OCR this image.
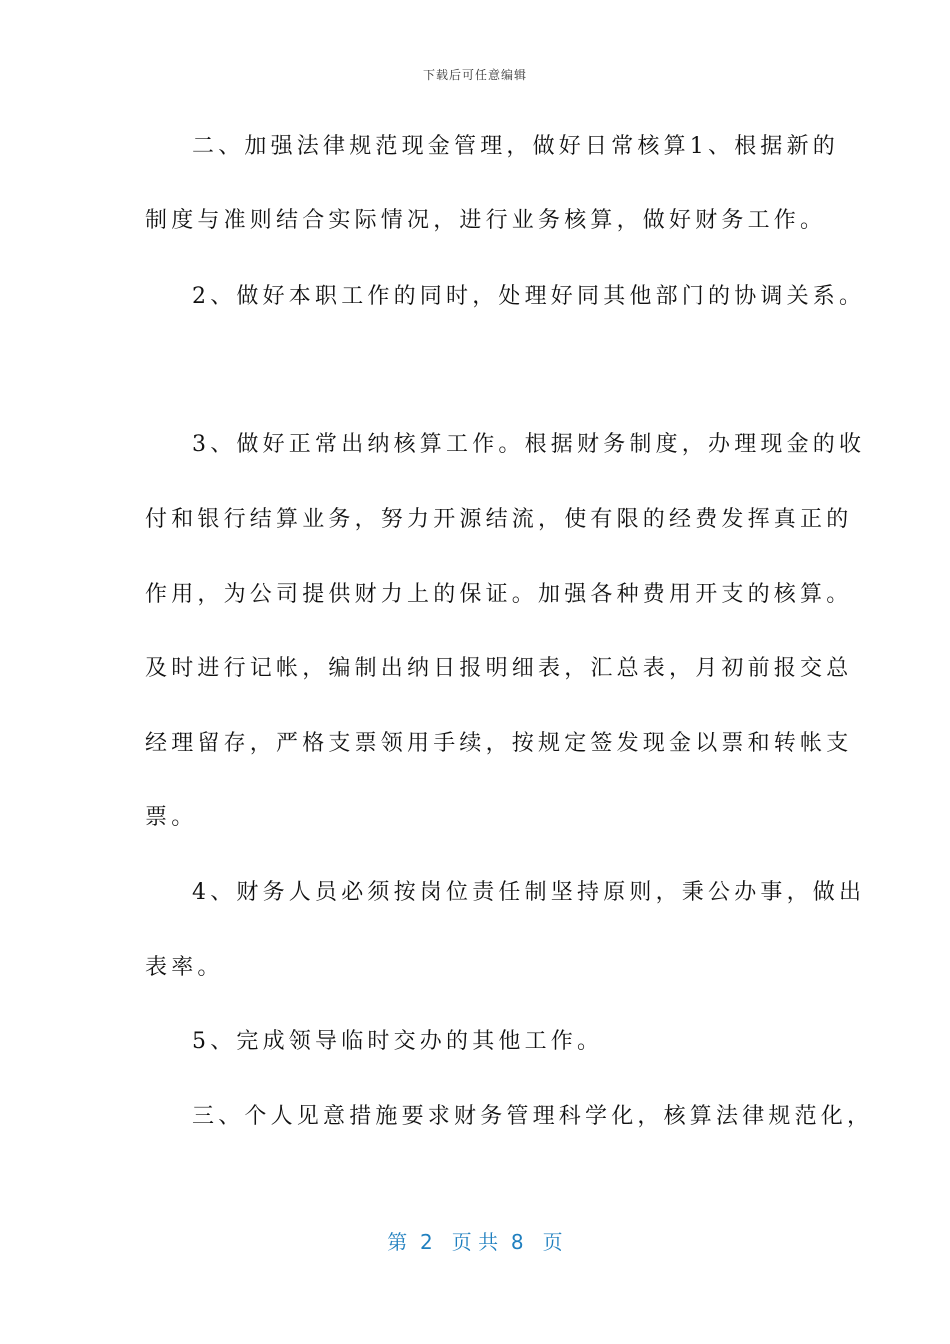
下载后可任意编辑
二、加强法律规范现金管理，做好日常核算1、根据新的
制度与准则结合实际情况，进行业务核算，做好财务工作。
2、做好本职工作的同时，处理好同其他部门的协调关系。
3、做好正常出纳核算工作。根据财务制度，办理现金的收
付和银行结算业务，努力开源结流，使有限的经费发挥真正的
作用，为公司提供财力上的保证。加强各种费用开支的核算。
及时进行记帐，编制出纳日报明细表，汇总表，月初前报交总
经理留存，严格支票领用手续，按规定签发现金以票和转帐支
票。
4、财务人员必须按岗位责任制坚持原则，秉公办事，做出
表率。
5、完成领导临时交办的其他工作。
三、个人见意措施要求财务管理科学化，核算法律规范化，
第  2   页 共  8   页
